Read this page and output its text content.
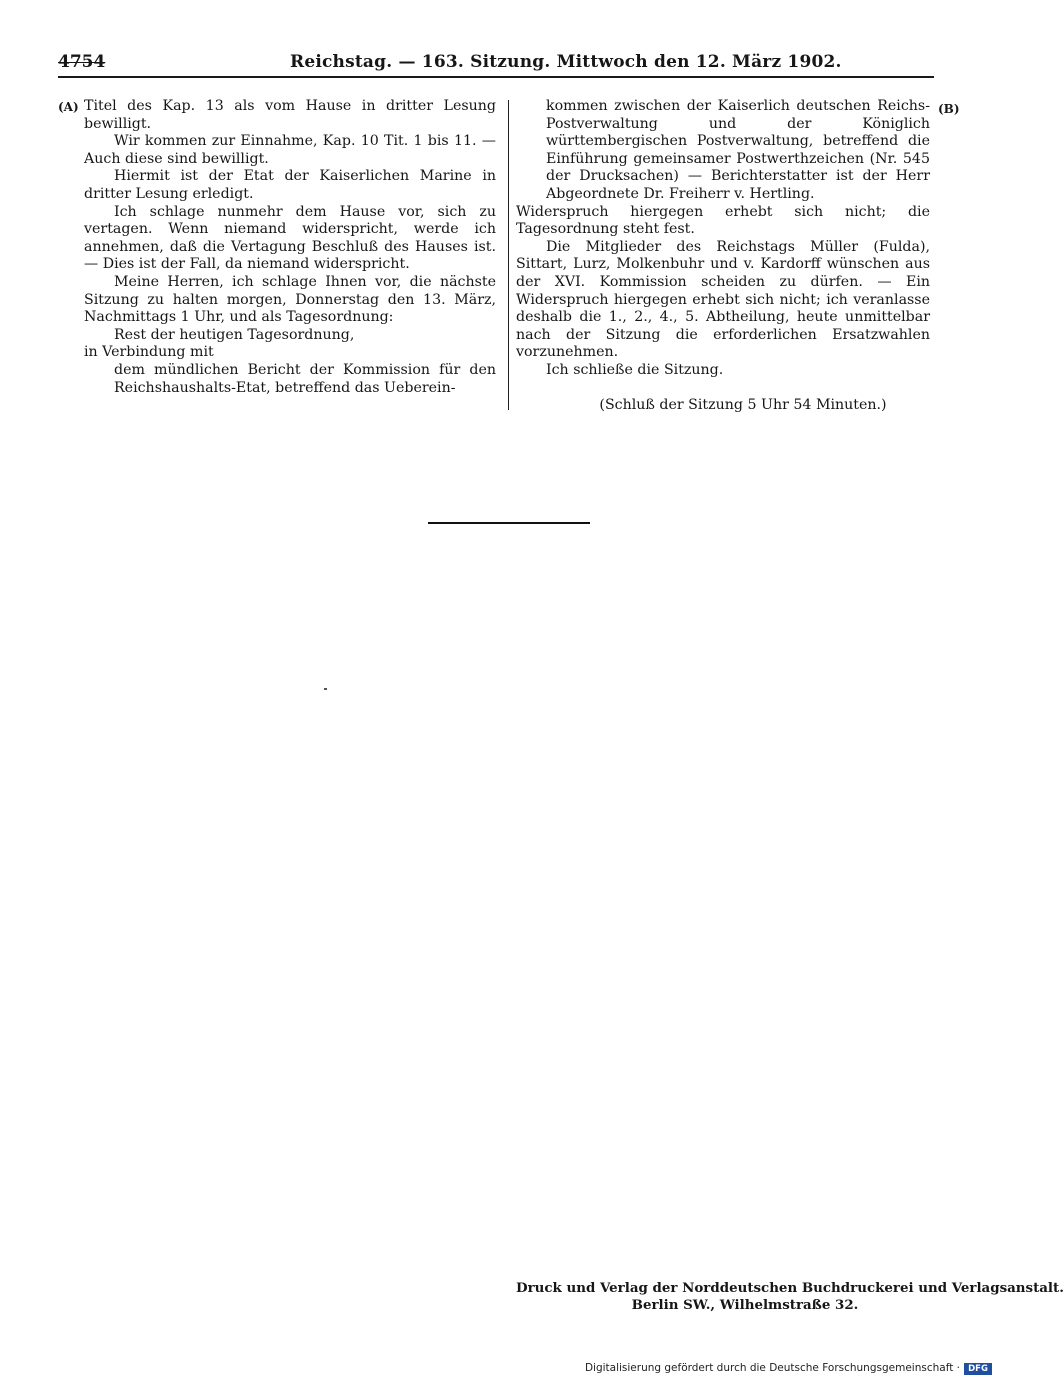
4754	Reichstag. — 163. Sitzung. Mittwoch den 12. März 1902.
(A)	(B)

Titel des Kap. 13 als vom Hause in dritter Lesung bewilligt.

Wir kommen zur Einnahme, Kap. 10 Tit. 1 bis 11. — Auch diese sind bewilligt.

Hiermit ist der Etat der Kaiserlichen Marine in dritter Lesung erledigt.

Ich schlage nunmehr dem Hause vor, sich zu vertagen. Wenn niemand widerspricht, werde ich annehmen, daß die Vertagung Beschluß des Hauses ist. — Dies ist der Fall, da niemand widerspricht.

Meine Herren, ich schlage Ihnen vor, die nächste Sitzung zu halten morgen, Donnerstag den 13. März, Nachmittags 1 Uhr, und als Tagesordnung:

Rest der heutigen Tagesordnung,

in Verbindung mit

dem mündlichen Bericht der Kommission für den Reichshaushalts-Etat, betreffend das Ueberein-

kommen zwischen der Kaiserlich deutschen Reichs-Postverwaltung und der Königlich württembergischen Postverwaltung, betreffend die Einführung gemeinsamer Postwerthzeichen (Nr. 545 der Drucksachen) — Berichterstatter ist der Herr Abgeordnete Dr. Freiherr v. Hertling.

Widerspruch hiergegen erhebt sich nicht; die Tagesordnung steht fest.

Die Mitglieder des Reichstags Müller (Fulda), Sittart, Lurz, Molkenbuhr und v. Kardorff wünschen aus der XVI. Kommission scheiden zu dürfen. — Ein Widerspruch hiergegen erhebt sich nicht; ich veranlasse deshalb die 1., 2., 4., 5. Abtheilung, heute unmittelbar nach der Sitzung die erforderlichen Ersatzwahlen vorzunehmen.

Ich schließe die Sitzung.

(Schluß der Sitzung 5 Uhr 54 Minuten.)

Druck und Verlag der Norddeutschen Buchdruckerei und Verlagsanstalt.
Berlin SW., Wilhelmstraße 32.
Digitalisierung gefördert durch die Deutsche Forschungsgemeinschaft · DFG
